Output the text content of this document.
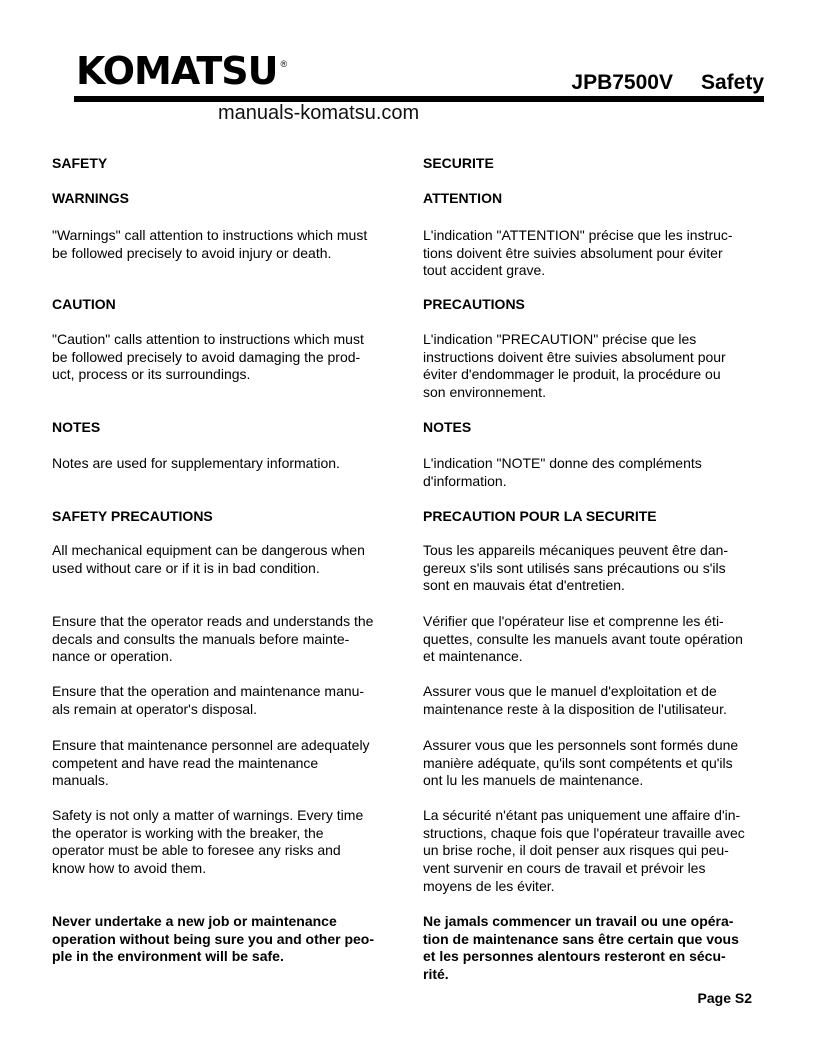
KOMATSU ®
JPB7500V Safety
manuals-komatsu.com
SAFETY
WARNINGS
"Warnings" call attention to instructions which must
be followed precisely to avoid injury or death.
CAUTION
"Caution" calls attention to instructions which must
be followed precisely to avoid damaging the prod-
uct, process or its surroundings.
NOTES
Notes are used for supplementary information.
SAFETY PRECAUTIONS
All mechanical equipment can be dangerous when
used without care or if it is in bad condition.
Ensure that the operator reads and understands the
decals and consults the manuals before mainte-
nance or operation.
Ensure that the operation and maintenance manu-
als remain at operator's disposal.
Ensure that maintenance personnel are adequately
competent and have read the maintenance
manuals.
Safety is not only a matter of warnings. Every time
the operator is working with the breaker, the
operator must be able to foresee any risks and
know how to avoid them.
Never undertake a new job or maintenance
operation without being sure you and other peo-
ple in the environment will be safe.
SECURITE
ATTENTION
L'indication "ATTENTION" précise que les instruc-
tions doivent être suivies absolument pour éviter
tout accident grave.
PRECAUTIONS
L'indication "PRECAUTION" précise que les
instructions doivent être suivies absolument pour
éviter d'endommager le produit, la procédure ou
son environnement.
NOTES
L'indication "NOTE" donne des compléments
d'information.
PRECAUTION POUR LA SECURITE
Tous les appareils mécaniques peuvent être dan-
gereux s'ils sont utilisés sans précautions ou s'ils
sont en mauvais état d'entretien.
Vérifier que l'opérateur lise et comprenne les éti-
quettes, consulte les manuels avant toute opération
et maintenance.
Assurer vous que le manuel d'exploitation et de
maintenance reste à la disposition de l'utilisateur.
Assurer vous que les personnels sont formés dune
manière adéquate, qu'ils sont compétents et qu'ils
ont lu les manuels de maintenance.
La sécurité n'étant pas uniquement une affaire d'in-
structions, chaque fois que l'opérateur travaille avec
un brise roche, il doit penser aux risques qui peu-
vent survenir en cours de travail et prévoir les
moyens de les éviter.
Ne jamals commencer un travail ou une opéra-
tion de maintenance sans être certain que vous
et les personnes alentours resteront en sécu-
rité.
Page S2
